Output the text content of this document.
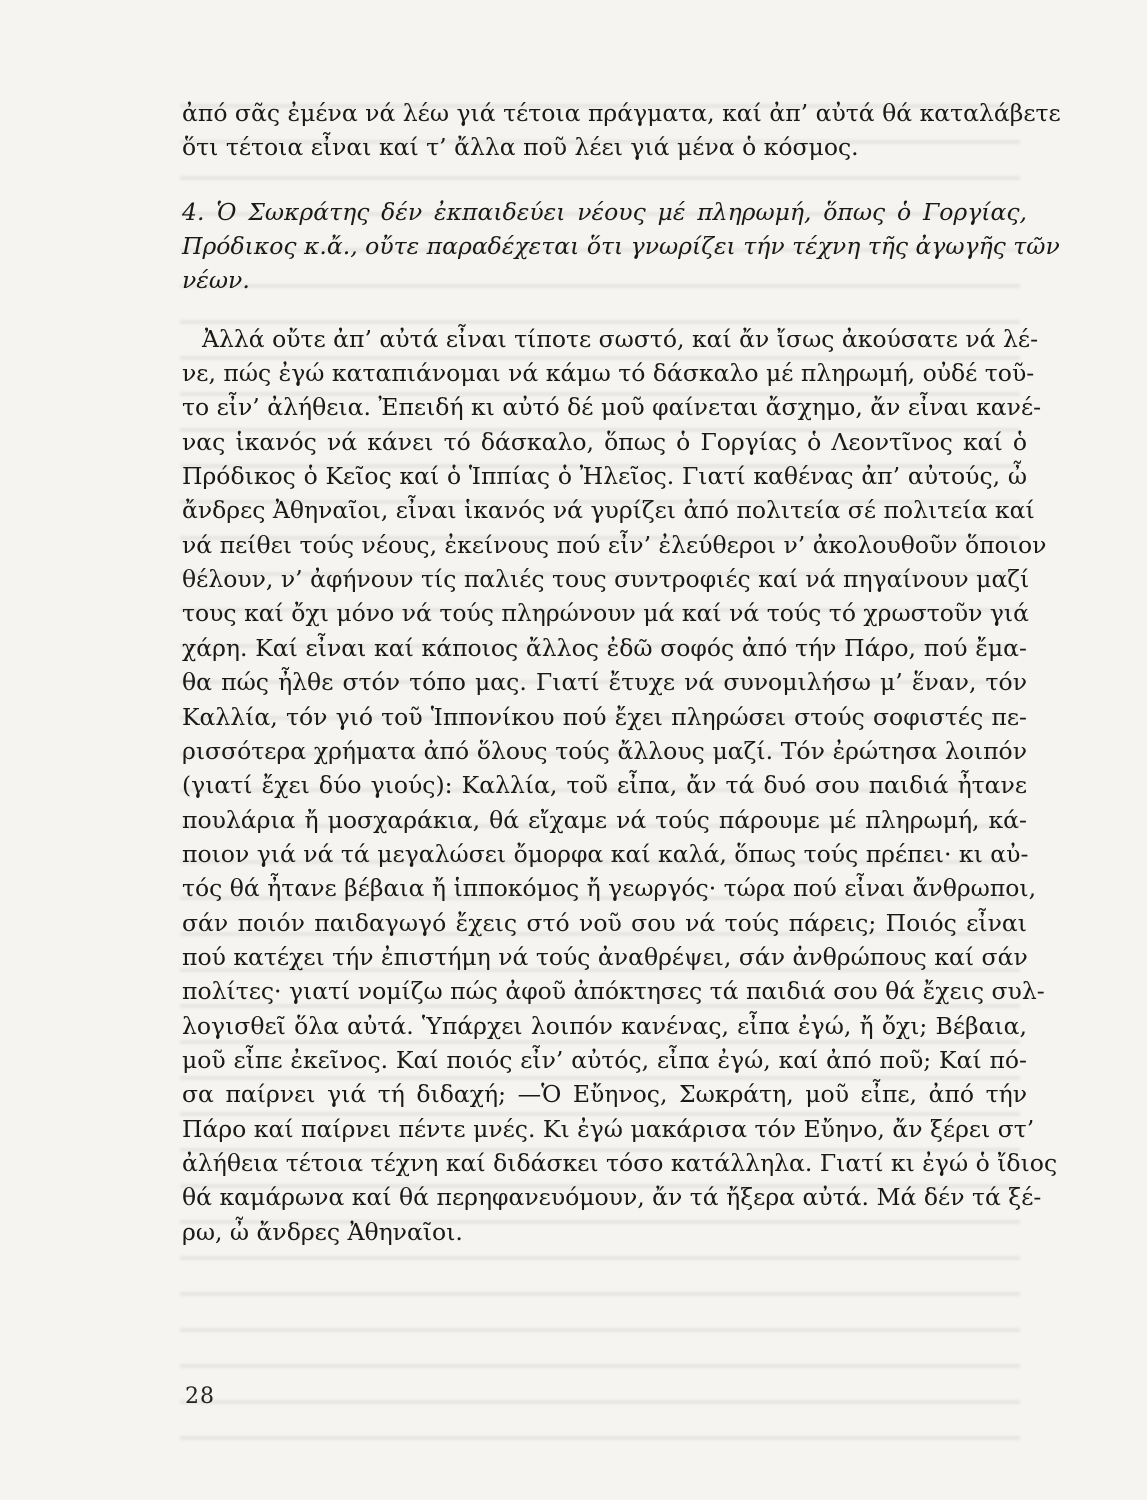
ἀπό σᾶς ἐμένα νά λέω γιά τέτοια πράγματα, καί ἀπ’ αὐτά θά καταλάβετε
ὅτι τέτοια εἶναι καί τ’ ἄλλα ποῦ λέει γιά μένα ὁ κόσμος.
4. Ὁ Σωκράτης δέν ἐκπαιδεύει νέους μέ πληρωμή, ὅπως ὁ Γοργίας,
Πρόδικος κ.ἄ., οὔτε παραδέχεται ὅτι γνωρίζει τήν τέχνη τῆς ἀγωγῆς τῶν
νέων.
Ἀλλά οὔτε ἀπ’ αὐτά εἶναι τίποτε σωστό, καί ἄν ἴσως ἀκούσατε νά λέ-
νε, πώς ἐγώ καταπιάνομαι νά κάμω τό δάσκαλο μέ πληρωμή, οὐδέ τοῦ-
το εἶν’ ἀλήθεια. Ἐπειδή κι αὐτό δέ μοῦ φαίνεται ἄσχημο, ἄν εἶναι κανέ-
νας ἱκανός νά κάνει τό δάσκαλο, ὅπως ὁ Γοργίας ὁ Λεοντῖνος καί ὁ
Πρόδικος ὁ Κεῖος καί ὁ Ἱππίας ὁ Ἠλεῖος. Γιατί καθένας ἀπ’ αὐτούς, ὦ
ἄνδρες Ἀθηναῖοι, εἶναι ἱκανός νά γυρίζει ἀπό πολιτεία σέ πολιτεία καί
νά πείθει τούς νέους, ἐκείνους πού εἶν’ ἐλεύθεροι ν’ ἀκολουθοῦν ὅποιον
θέλουν, ν’ ἀφήνουν τίς παλιές τους συντροφιές καί νά πηγαίνουν μαζί
τους καί ὄχι μόνο νά τούς πληρώνουν μά καί νά τούς τό χρωστοῦν γιά
χάρη. Καί εἶναι καί κάποιος ἄλλος ἐδῶ σοφός ἀπό τήν Πάρο, πού ἔμα-
θα πώς ἦλθε στόν τόπο μας. Γιατί ἔτυχε νά συνομιλήσω μ’ ἕναν, τόν
Καλλία, τόν γιό τοῦ Ἱππονίκου πού ἔχει πληρώσει στούς σοφιστές πε-
ρισσότερα χρήματα ἀπό ὅλους τούς ἄλλους μαζί. Τόν ἐρώτησα λοιπόν
(γιατί ἔχει δύο γιούς): Καλλία, τοῦ εἶπα, ἄν τά δυό σου παιδιά ἦτανε
πουλάρια ἤ μοσχαράκια, θά εἴχαμε νά τούς πάρουμε μέ πληρωμή, κά-
ποιον γιά νά τά μεγαλώσει ὄμορφα καί καλά, ὅπως τούς πρέπει· κι αὐ-
τός θά ἦτανε βέβαια ἤ ἱπποκόμος ἤ γεωργός· τώρα πού εἶναι ἄνθρωποι,
σάν ποιόν παιδαγωγό ἔχεις στό νοῦ σου νά τούς πάρεις; Ποιός εἶναι
πού κατέχει τήν ἐπιστήμη νά τούς ἀναθρέψει, σάν ἀνθρώπους καί σάν
πολίτες· γιατί νομίζω πώς ἀφοῦ ἀπόκτησες τά παιδιά σου θά ἔχεις συλ-
λογισθεῖ ὅλα αὐτά. Ὑπάρχει λοιπόν κανένας, εἶπα ἐγώ, ἤ ὄχι; Βέβαια,
μοῦ εἶπε ἐκεῖνος. Καί ποιός εἶν’ αὐτός, εἶπα ἐγώ, καί ἀπό ποῦ; Καί πό-
σα παίρνει γιά τή διδαχή; —Ὁ Εὔηνος, Σωκράτη, μοῦ εἶπε, ἀπό τήν
Πάρο καί παίρνει πέντε μνές. Κι ἐγώ μακάρισα τόν Εὔηνο, ἄν ξέρει στ’
ἀλήθεια τέτοια τέχνη καί διδάσκει τόσο κατάλληλα. Γιατί κι ἐγώ ὁ ἴδιος
θά καμάρωνα καί θά περηφανευόμουν, ἄν τά ἤξερα αὐτά. Μά δέν τά ξέ-
ρω, ὦ ἄνδρες Ἀθηναῖοι.
28
